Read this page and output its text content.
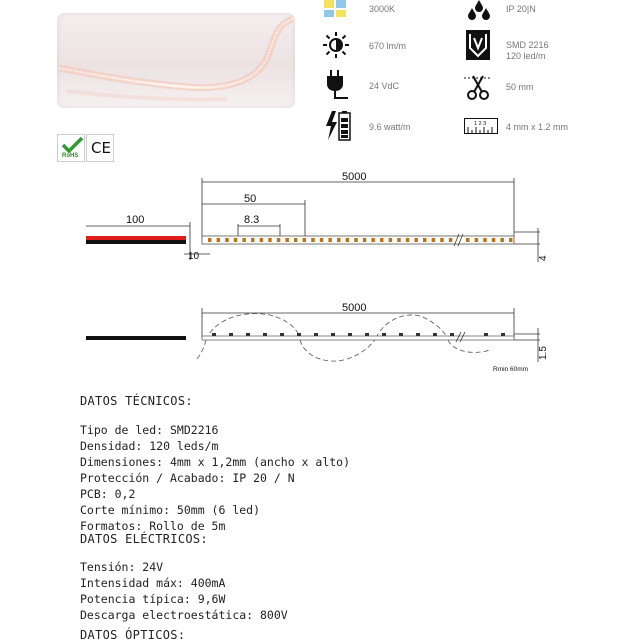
3000K
670 lm/m
24 VdC
9.6 watt/m
IP 20|N
SMD 2216
120 led/m
50 mm
1 2 3 4 mm x 1.2 mm
RoHS CE
5000
50
8.3
100
10	4
5000
1.5
Rmin 60mm
DATOS TÉCNICOS:
Tipo de led: SMD2216
Densidad: 120 leds/m
Dimensiones: 4mm x 1,2mm (ancho x alto)
Protección / Acabado: IP 20 / N
PCB: 0,2
Corte mínimo: 50mm (6 led)
Formatos: Rollo de 5m
DATOS ELÉCTRICOS:
Tensión: 24V
Intensidad máx: 400mA
Potencia típica: 9,6W
Descarga electroestática: 800V
DATOS ÓPTICOS:
